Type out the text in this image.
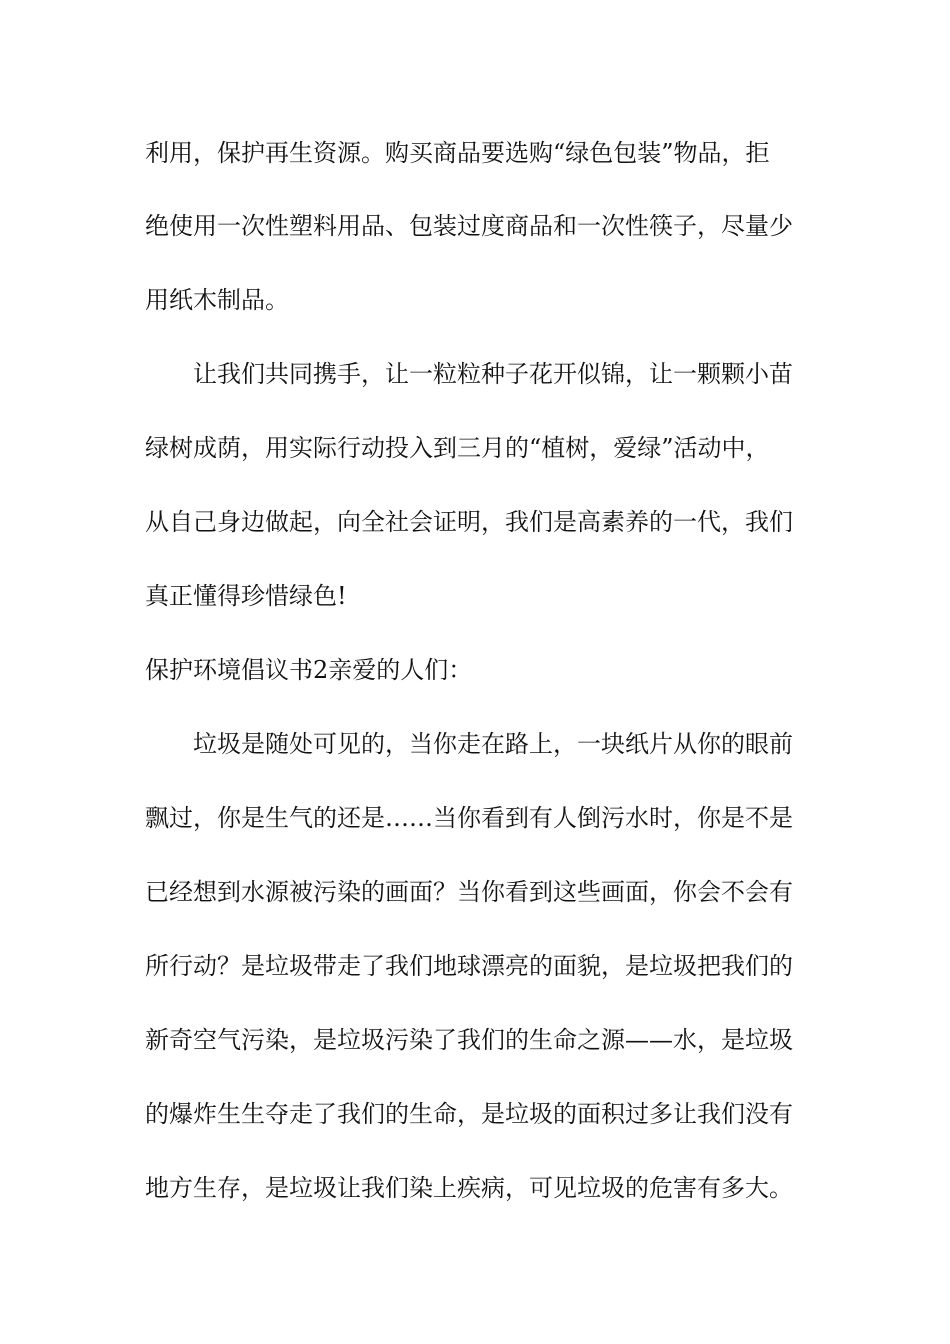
利用，保护再生资源。购买商品要选购“绿色包装”物品，拒
绝使用一次性塑料用品、包装过度商品和一次性筷子，尽量少
用纸木制品。
让我们共同携手，让一粒粒种子花开似锦，让一颗颗小苗
绿树成荫，用实际行动投入到三月的“植树，爱绿”活动中，
从自己身边做起，向全社会证明，我们是高素养的一代，我们
真正懂得珍惜绿色!
保护环境倡议书2亲爱的人们：
垃圾是随处可见的，当你走在路上，一块纸片从你的眼前
飘过，你是生气的还是……当你看到有人倒污水时，你是不是
已经想到水源被污染的画面？当你看到这些画面，你会不会有
所行动？是垃圾带走了我们地球漂亮的面貌，是垃圾把我们的
新奇空气污染，是垃圾污染了我们的生命之源——水，是垃圾
的爆炸生生夺走了我们的生命，是垃圾的面积过多让我们没有
地方生存，是垃圾让我们染上疾病，可见垃圾的危害有多大。
